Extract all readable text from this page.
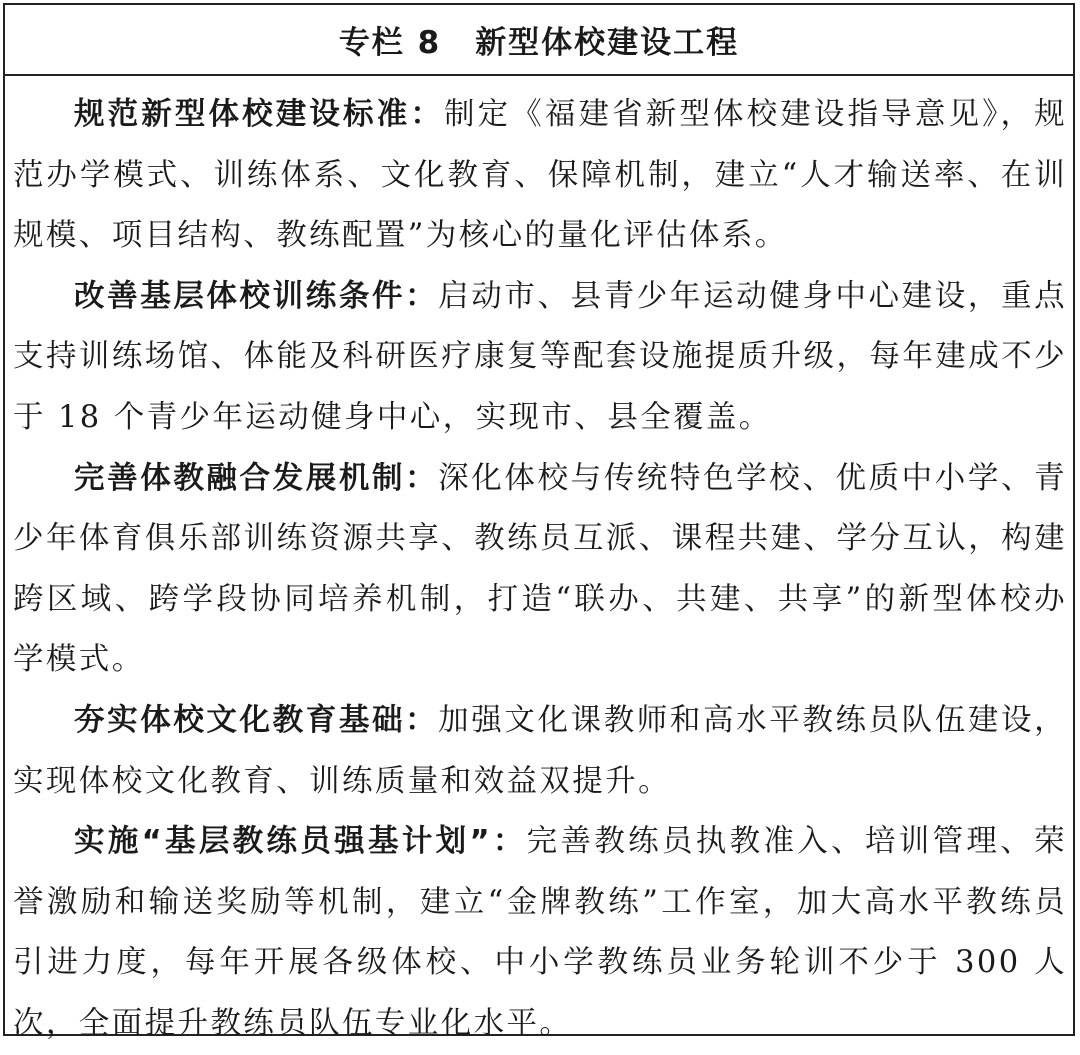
专栏 8 新型体校建设工程

规范新型体校建设标准：制定《福建省新型体校建设指导意见》，规范办学模式、训练体系、文化教育、保障机制，建立“人才输送率、在训规模、项目结构、教练配置”为核心的量化评估体系。

改善基层体校训练条件：启动市、县青少年运动健身中心建设，重点支持训练场馆、体能及科研医疗康复等配套设施提质升级，每年建成不少于 18 个青少年运动健身中心，实现市、县全覆盖。

完善体教融合发展机制：深化体校与传统特色学校、优质中小学、青少年体育俱乐部训练资源共享、教练员互派、课程共建、学分互认，构建跨区域、跨学段协同培养机制，打造“联办、共建、共享”的新型体校办学模式。

夯实体校文化教育基础：加强文化课教师和高水平教练员队伍建设，实现体校文化教育、训练质量和效益双提升。

实施“基层教练员强基计划”：完善教练员执教准入、培训管理、荣誉激励和输送奖励等机制，建立“金牌教练”工作室，加大高水平教练员引进力度，每年开展各级体校、中小学教练员业务轮训不少于 300 人次，全面提升教练员队伍专业化水平。
